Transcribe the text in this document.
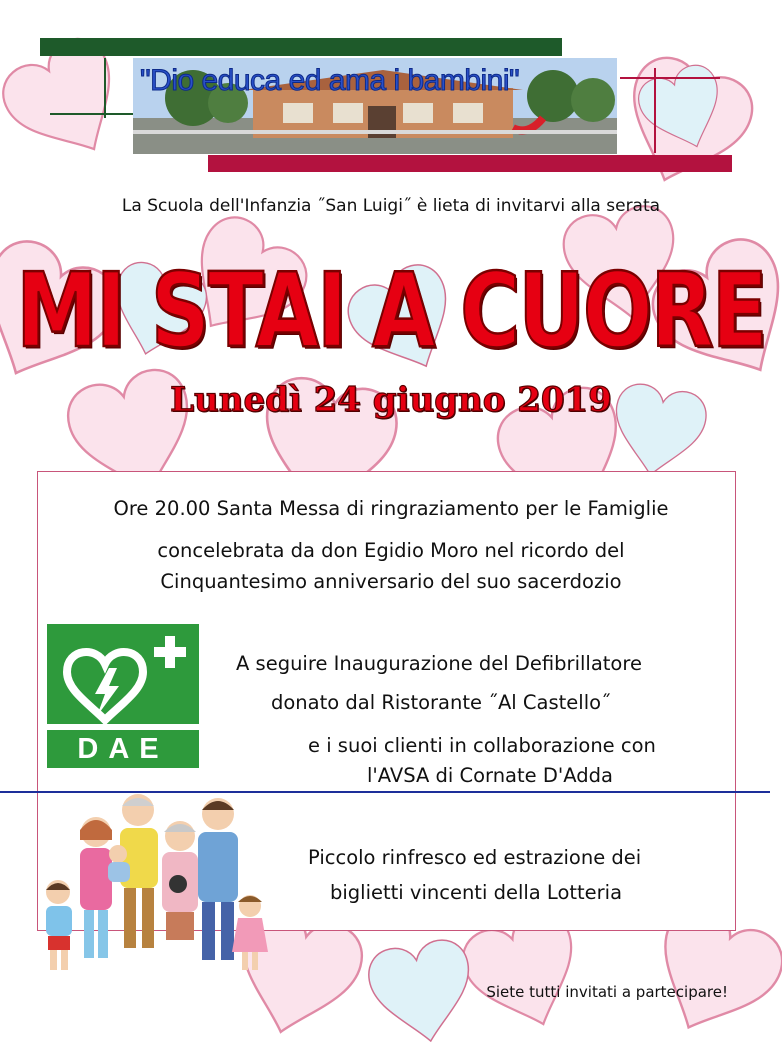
"Dio educa ed ama i bambini"
La Scuola dell'Infanzia ˝San Luigi˝ è lieta di invitarvi alla serata
MI STAI A CUORE
Lunedì 24 giugno 2019
Ore 20.00 Santa Messa di ringraziamento per le Famiglie
concelebrata da don Egidio Moro nel ricordo del
Cinquantesimo anniversario del suo sacerdozio
DAE
A seguire Inaugurazione del Defibrillatore
donato dal Ristorante ˝Al Castello˝
e i suoi clienti in collaborazione con
l'AVSA di Cornate D'Adda
Piccolo rinfresco ed estrazione dei
biglietti vincenti della Lotteria
Siete tutti invitati a partecipare!
